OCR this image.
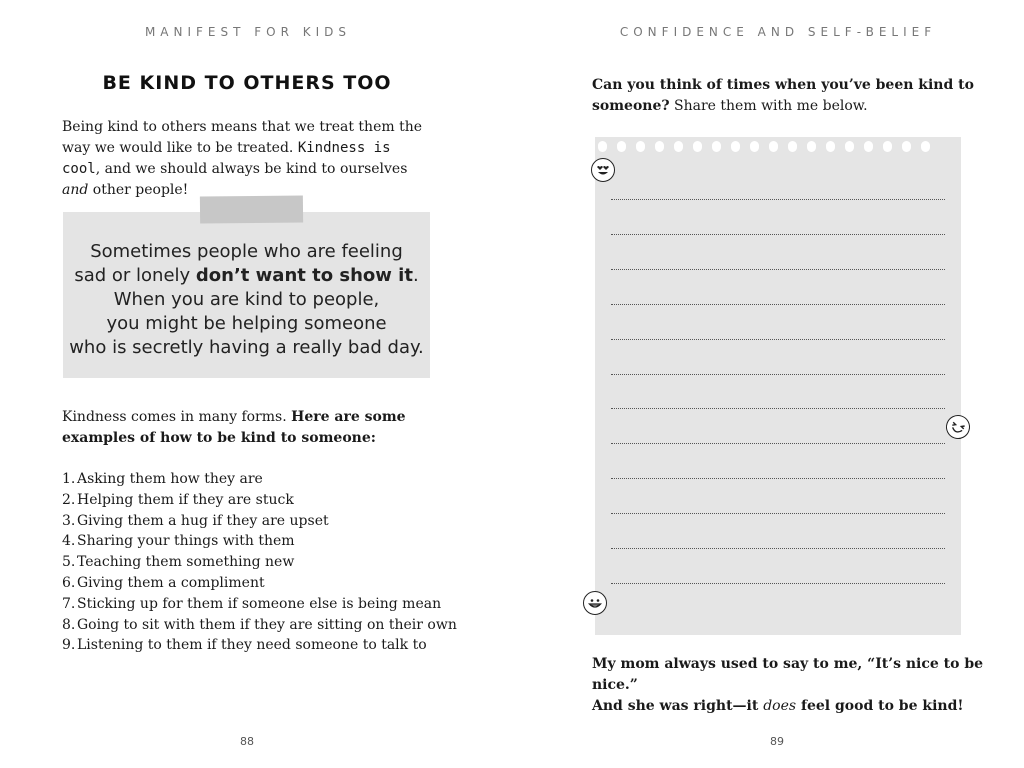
MANIFEST FOR KIDS
BE KIND TO OTHERS TOO
Being kind to others means that we treat them the way we would like to be treated. Kindness is cool, and we should always be kind to ourselves and other people!
Sometimes people who are feeling
sad or lonely don’t want to show it.
When you are kind to people,
you might be helping someone
who is secretly having a really bad day.
Kindness comes in many forms. Here are some examples of how to be kind to someone:
1. Asking them how they are
2. Helping them if they are stuck
3. Giving them a hug if they are upset
4. Sharing your things with them
5. Teaching them something new
6. Giving them a compliment
7. Sticking up for them if someone else is being mean
8. Going to sit with them if they are sitting on their own
9. Listening to them if they need someone to talk to
88
CONFIDENCE AND SELF-BELIEF
Can you think of times when you’ve been kind to someone? Share them with me below.
My mom always used to say to me, “It’s nice to be nice.”
And she was right—it does feel good to be kind!
89
